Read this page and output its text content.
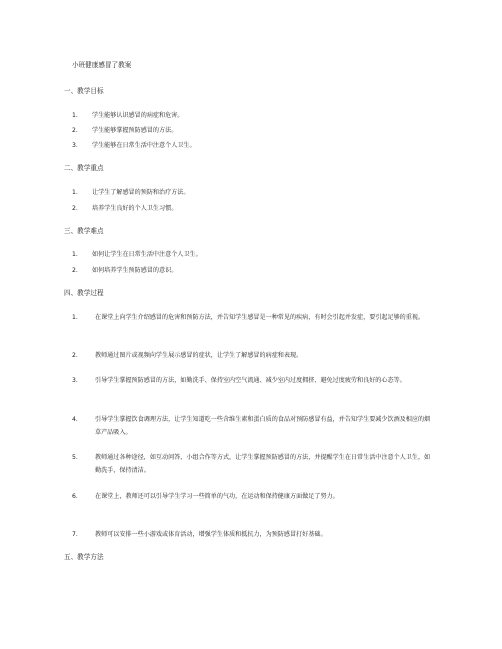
小班健康感冒了教案
一、教学目标
1. 学生能够认识感冒的病症和危害。
2. 学生能够掌握预防感冒的方法。
3. 学生能够在日常生活中注意个人卫生。
二、教学重点
1. 让学生了解感冒的预防和治疗方法。
2. 培养学生良好的个人卫生习惯。
三、教学难点
1. 如何让学生在日常生活中注意个人卫生。
2. 如何培养学生预防感冒的意识。
四、教学过程
1.	在课堂上向学生介绍感冒的危害和预防方法，并告知学生感冒是一种常见的疾病，有时会引起并发症，要引起足够的重视。
2.	教师通过图片或视频向学生展示感冒的症状，让学生了解感冒的病症和表现。
3.	引导学生掌握预防感冒的方法，如勤洗手、保持室内空气流通、减少室内过度拥挤、避免过度疲劳和良好的心态等。
4.	引导学生掌握饮食调理方法，让学生知道吃一些含维生素和蛋白质的食品对预防感冒有益，并告知学生要减少饮酒及相应的烟草产品吸入。
5.	教师通过各种途径，如互动问答、小组合作等方式，让学生掌握预防感冒的方法，并提醒学生在日常生活中注意个人卫生，如勤洗手，保持清洁。
6.	在课堂上，教师还可以引导学生学习一些简单的气功，在运动和保持健康方面做足了努力。
7.	教师可以安排一些小游戏或体育活动，增强学生体质和抵抗力，为预防感冒打好基础。
五、教学方法
